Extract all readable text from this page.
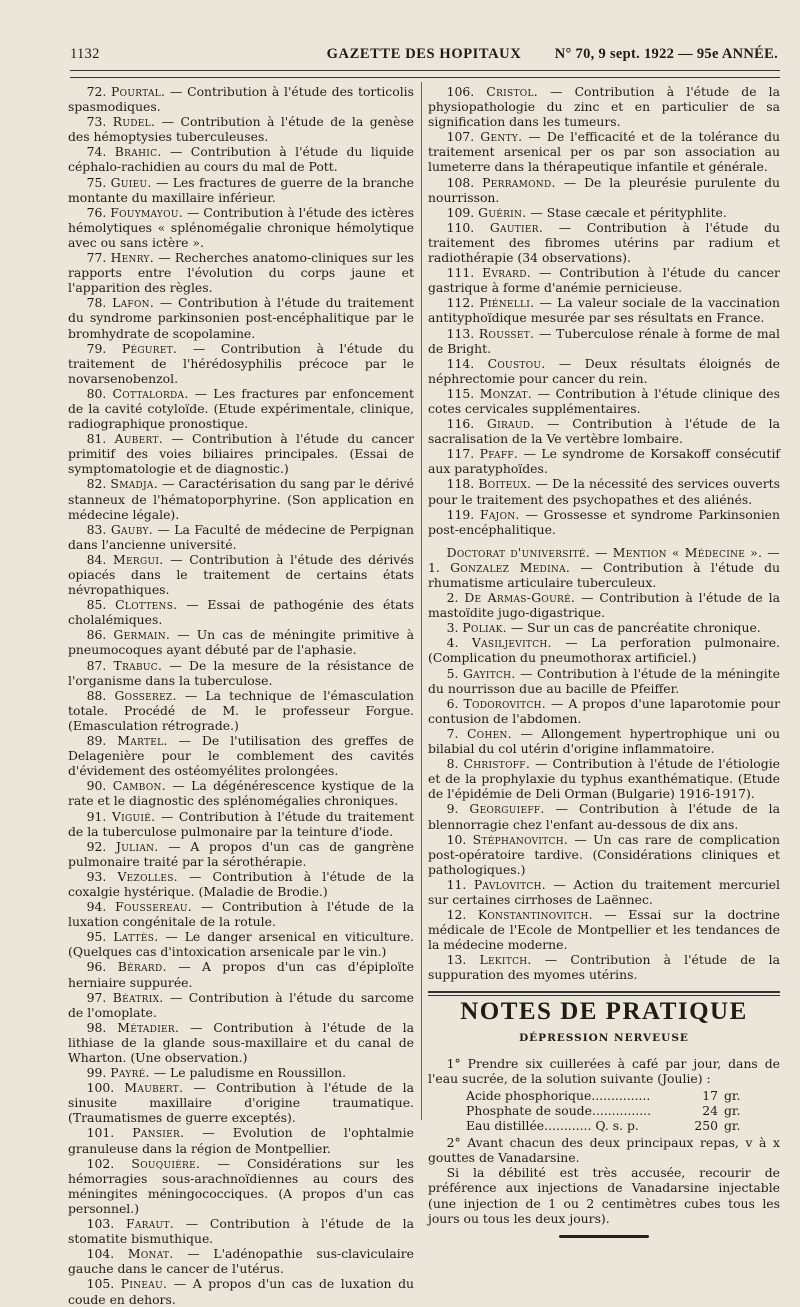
1132	GAZETTE DES HOPITAUX	N° 70, 9 sept. 1922 — 95e ANNÉE.

72. Pourtal. — Contribution à l'étude des torticolis spasmodiques.

73. Rudel. — Contribution à l'étude de la genèse des hémoptysies tuberculeuses.

74. Brahic. — Contribution à l'étude du liquide céphalo-rachidien au cours du mal de Pott.

75. Guieu. — Les fractures de guerre de la branche montante du maxillaire inférieur.

76. Fouymayou. — Contribution à l'étude des ictères hémolytiques « splénomégalie chronique hémolytique avec ou sans ictère ».

77. Henry. — Recherches anatomo-cliniques sur les rapports entre l'évolution du corps jaune et l'apparition des règles.

78. Lafon. — Contribution à l'étude du traitement du syndrome parkinsonien post-encéphalitique par le bromhydrate de scopolamine.

79. Péguret. — Contribution à l'étude du traitement de l'hérédosyphilis précoce par le novarsenobenzol.

80. Cottalorda. — Les fractures par enfoncement de la cavité cotyloïde. (Etude expérimentale, clinique, radiographique pronostique.

81. Aubert. — Contribution à l'étude du cancer primitif des voies biliaires principales. (Essai de symptomatologie et de diagnostic.)

82. Smadja. — Caractérisation du sang par le dérivé stanneux de l'hématoporphyrine. (Son application en médecine légale).

83. Gauby. — La Faculté de médecine de Perpignan dans l'ancienne université.

84. Mergui. — Contribution à l'étude des dérivés opiacés dans le traitement de certains états névropathiques.

85. Clottens. — Essai de pathogénie des états cholalémiques.

86. Germain. — Un cas de méningite primitive à pneumocoques ayant débuté par de l'aphasie.

87. Trabuc. — De la mesure de la résistance de l'organisme dans la tuberculose.

88. Gosserez. — La technique de l'émasculation totale. Procédé de M. le professeur Forgue. (Emasculation rétrograde.)

89. Martel. — De l'utilisation des greffes de Delagenière pour le comblement des cavités d'évidement des ostéomyélites prolongées.

90. Cambon. — La dégénérescence kystique de la rate et le diagnostic des splénomégalies chroniques.

91. Viguié. — Contribution à l'étude du traitement de la tuberculose pulmonaire par la teinture d'iode.

92. Julian. — A propos d'un cas de gangrène pulmonaire traité par la sérothérapie.

93. Vezolles. — Contribution à l'étude de la coxalgie hystérique. (Maladie de Brodie.)

94. Foussereau. — Contribution à l'étude de la luxation congénitale de la rotule.

95. Lattès. — Le danger arsenical en viticulture. (Quelques cas d'intoxication arsenicale par le vin.)

96. Bérard. — A propos d'un cas d'épiploïte herniaire suppurée.

97. Béatrix. — Contribution à l'étude du sarcome de l'omoplate.

98. Métadier. — Contribution à l'étude de la lithiase de la glande sous-maxillaire et du canal de Wharton. (Une observation.)

99. Payré. — Le paludisme en Roussillon.

100. Maubert. — Contribution à l'étude de la sinusite maxillaire d'origine traumatique. (Traumatismes de guerre exceptés).

101. Pansier. — Evolution de l'ophtalmie granuleuse dans la région de Montpellier.

102. Souquière. — Considérations sur les hémorragies sous-arachnoïdiennes au cours des méningites méningococciques. (A propos d'un cas personnel.)

103. Faraut. — Contribution à l'étude de la stomatite bismuthique.

104. Monat. — L'adénopathie sus-claviculaire gauche dans le cancer de l'utérus.

105. Pineau. — A propos d'un cas de luxation du coude en dehors.

106. Cristol. — Contribution à l'étude de la physiopathologie du zinc et en particulier de sa signification dans les tumeurs.

107. Genty. — De l'efficacité et de la tolérance du traitement arsenical per os par son association au lumeterre dans la thérapeutique infantile et générale.

108. Perramond. — De la pleurésie purulente du nourrisson.

109. Guérin. — Stase cæcale et pérityphlite.

110. Gautier. — Contribution à l'étude du traitement des fibromes utérins par radium et radiothérapie (34 observations).

111. Evrard. — Contribution à l'étude du cancer gastrique à forme d'anémie pernicieuse.

112. Piénelli. — La valeur sociale de la vaccination antityphoïdique mesurée par ses résultats en France.

113. Rousset. — Tuberculose rénale à forme de mal de Bright.

114. Coustou. — Deux résultats éloignés de néphrectomie pour cancer du rein.

115. Monzat. — Contribution à l'étude clinique des cotes cervicales supplémentaires.

116. Giraud. — Contribution à l'étude de la sacralisation de la Ve vertèbre lombaire.

117. Pfaff. — Le syndrome de Korsakoff consécutif aux paratyphoïdes.

118. Boiteux. — De la nécessité des services ouverts pour le traitement des psychopathes et des aliénés.

119. Fajon. — Grossesse et syndrome Parkinsonien post-encéphalitique.

Doctorat d'université. — Mention « Médecine ». — 1. Gonzalez Medina. — Contribution à l'étude du rhumatisme articulaire tuberculeux.

2. De Armas-Gouré. — Contribution à l'étude de la mastoïdite jugo-digastrique.

3. Poliak. — Sur un cas de pancréatite chronique.

4. Vasiljevitch. — La perforation pulmonaire. (Complication du pneumothorax artificiel.)

5. Gayitch. — Contribution à l'étude de la méningite du nourrisson due au bacille de Pfeiffer.

6. Todorovitch. — A propos d'une laparotomie pour contusion de l'abdomen.

7. Cohen. — Allongement hypertrophique uni ou bilabial du col utérin d'origine inflammatoire.

8. Christoff. — Contribution à l'étude de l'étiologie et de la prophylaxie du typhus exanthématique. (Etude de l'épidémie de Deli Orman (Bulgarie) 1916-1917).

9. Georguieff. — Contribution à l'étude de la blennorragie chez l'enfant au-dessous de dix ans.

10. Stéphanovitch. — Un cas rare de complication post-opératoire tardive. (Considérations cliniques et pathologiques.)

11. Pavlovitch. — Action du traitement mercuriel sur certaines cirrhoses de Laënnec.

12. Konstantinovitch. — Essai sur la doctrine médicale de l'Ecole de Montpellier et les tendances de la médecine moderne.

13. Lekitch. — Contribution à l'étude de la suppuration des myomes utérins.

NOTES DE PRATIQUE
DÉPRESSION NERVEUSE

1° Prendre six cuillerées à café par jour, dans de l'eau sucrée, de la solution suivante (Joulie) :

Acide phosphorique...............	17 gr.
Phosphate de soude...............	24 gr.
Eau distillée............ Q. s. p.	250 gr.

2° Avant chacun des deux principaux repas, v à x gouttes de Vanadarsine.

Si la débilité est très accusée, recourir de préférence aux injections de Vanadarsine injectable (une injection de 1 ou 2 centimètres cubes tous les jours ou tous les deux jours).
